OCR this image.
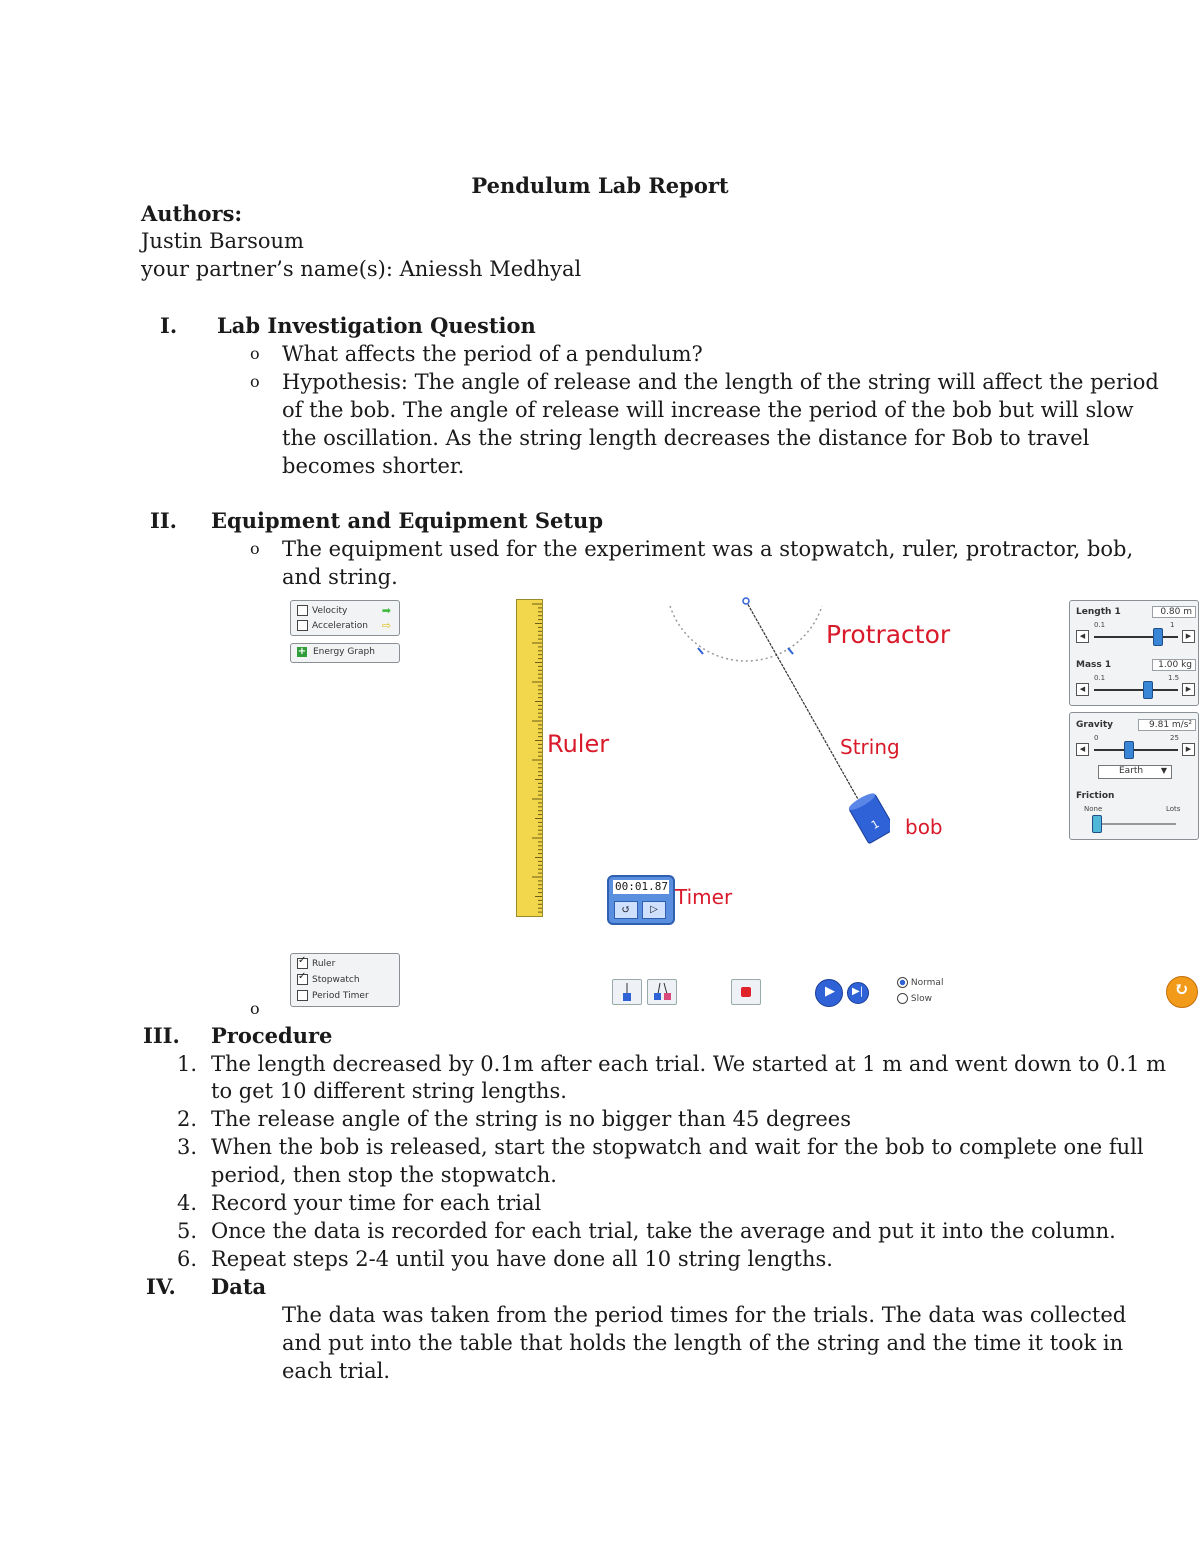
Pendulum Lab Report
Authors:
Justin Barsoum
your partner’s name(s): Aniessh Medhyal
I. Lab Investigation Question
o What affects the period of a pendulum?
o Hypothesis: The angle of release and the length of the string will affect the period
of the bob. The angle of release will increase the period of the bob but will slow
the oscillation. As the string length decreases the distance for Bob to travel
becomes shorter.
II. Equipment and Equipment Setup
o The equipment used for the experiment was a stopwatch, ruler, protractor, bob,
and string.
Velocity	➡
Acceleration ⇨
+ Energy Graph
Ruler
1
Protractor
String
bob
00:01.87
↺	▷
Timer
Length 1	0.80 m
0.1	1
◀	▶
Mass 1	1.00 kg
0.1	1.5
◀	▶
Gravity	9.81 m/s²
0	25
◀	▶
Earth ▼
Friction
None	Lots
✓Ruler
✓Stopwatch
Period Timer	▶ ▶|
Normal
Slow	↻
o
III. Procedure
1. The length decreased by 0.1m after each trial. We started at 1 m and went down to 0.1 m
to get 10 different string lengths.
2. The release angle of the string is no bigger than 45 degrees
3. When the bob is released, start the stopwatch and wait for the bob to complete one full
period, then stop the stopwatch.
4. Record your time for each trial
5. Once the data is recorded for each trial, take the average and put it into the column.
6. Repeat steps 2-4 until you have done all 10 string lengths.
IV. Data
The data was taken from the period times for the trials. The data was collected
and put into the table that holds the length of the string and the time it took in
each trial.
